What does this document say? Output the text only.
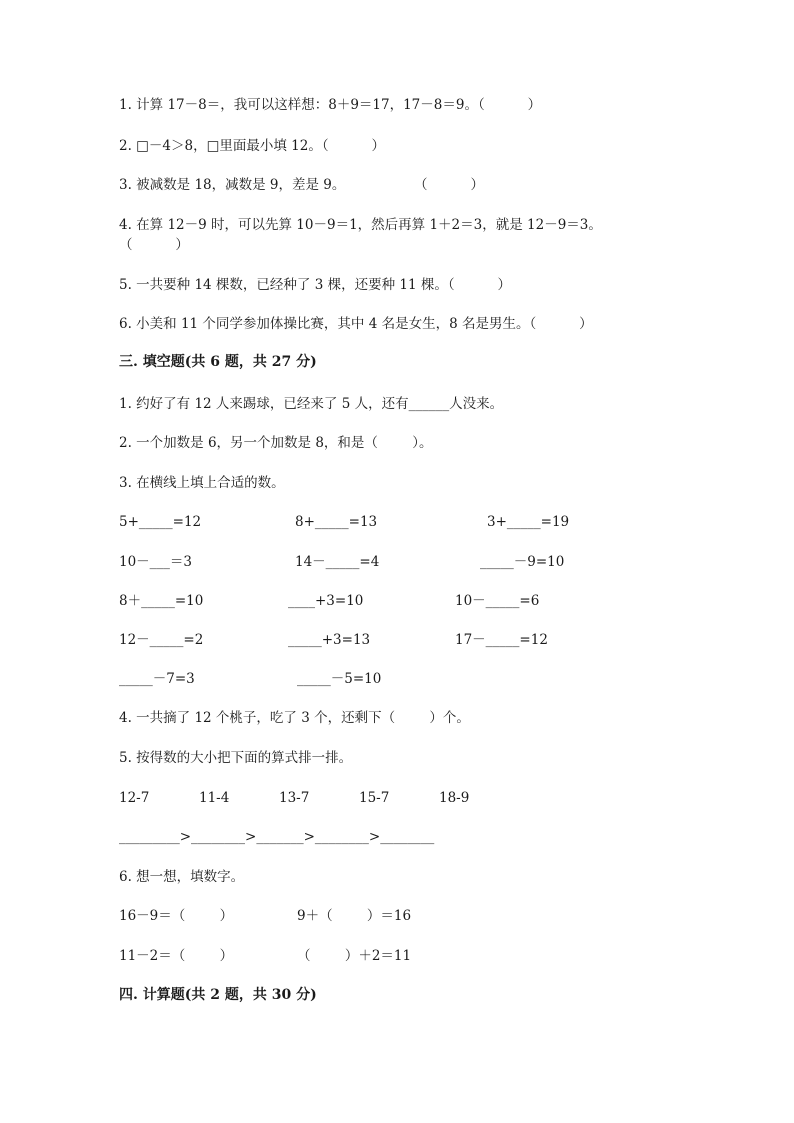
1. 计算 17－8＝，我可以这样想：8＋9＝17，17－8＝9。（          ）
2. □－4＞8，□里面最小填 12。（          ）
3. 被减数是 18，减数是 9，差是 9。                （          ）
4. 在算 12－9 时，可以先算 10－9＝1，然后再算 1＋2＝3，就是 12－9＝3。
（          ）
5. 一共要种 14 棵数，已经种了 3 棵，还要种 11 棵。（          ）
6. 小美和 11 个同学参加体操比赛，其中 4 名是女生，8 名是男生。（          ）
三. 填空题(共 6 题，共 27 分)
1. 约好了有 12 人来踢球，已经来了 5 人，还有______人没来。
2. 一个加数是 6，另一个加数是 8，和是（        ）。
3. 在横线上填上合适的数。
5+_____=12	8+_____=13	3+_____=19
10－___＝3	14－_____=4	_____－9=10
8＋_____=10	____+3=10	10－_____=6
12－_____=2	_____+3=13	17－_____=12
_____－7=3	_____－5=10
4. 一共摘了 12 个桃子，吃了 3 个，还剩下（        ）个。
5. 按得数的大小把下面的算式排一排。
12-7	11-4	13-7	15-7	18-9
_________>________>_______>________>________
6. 想一想，填数字。
16－9＝（        ）	9＋（        ）＝16
11－2＝（        ）	（        ）＋2＝11
四. 计算题(共 2 题，共 30 分)
